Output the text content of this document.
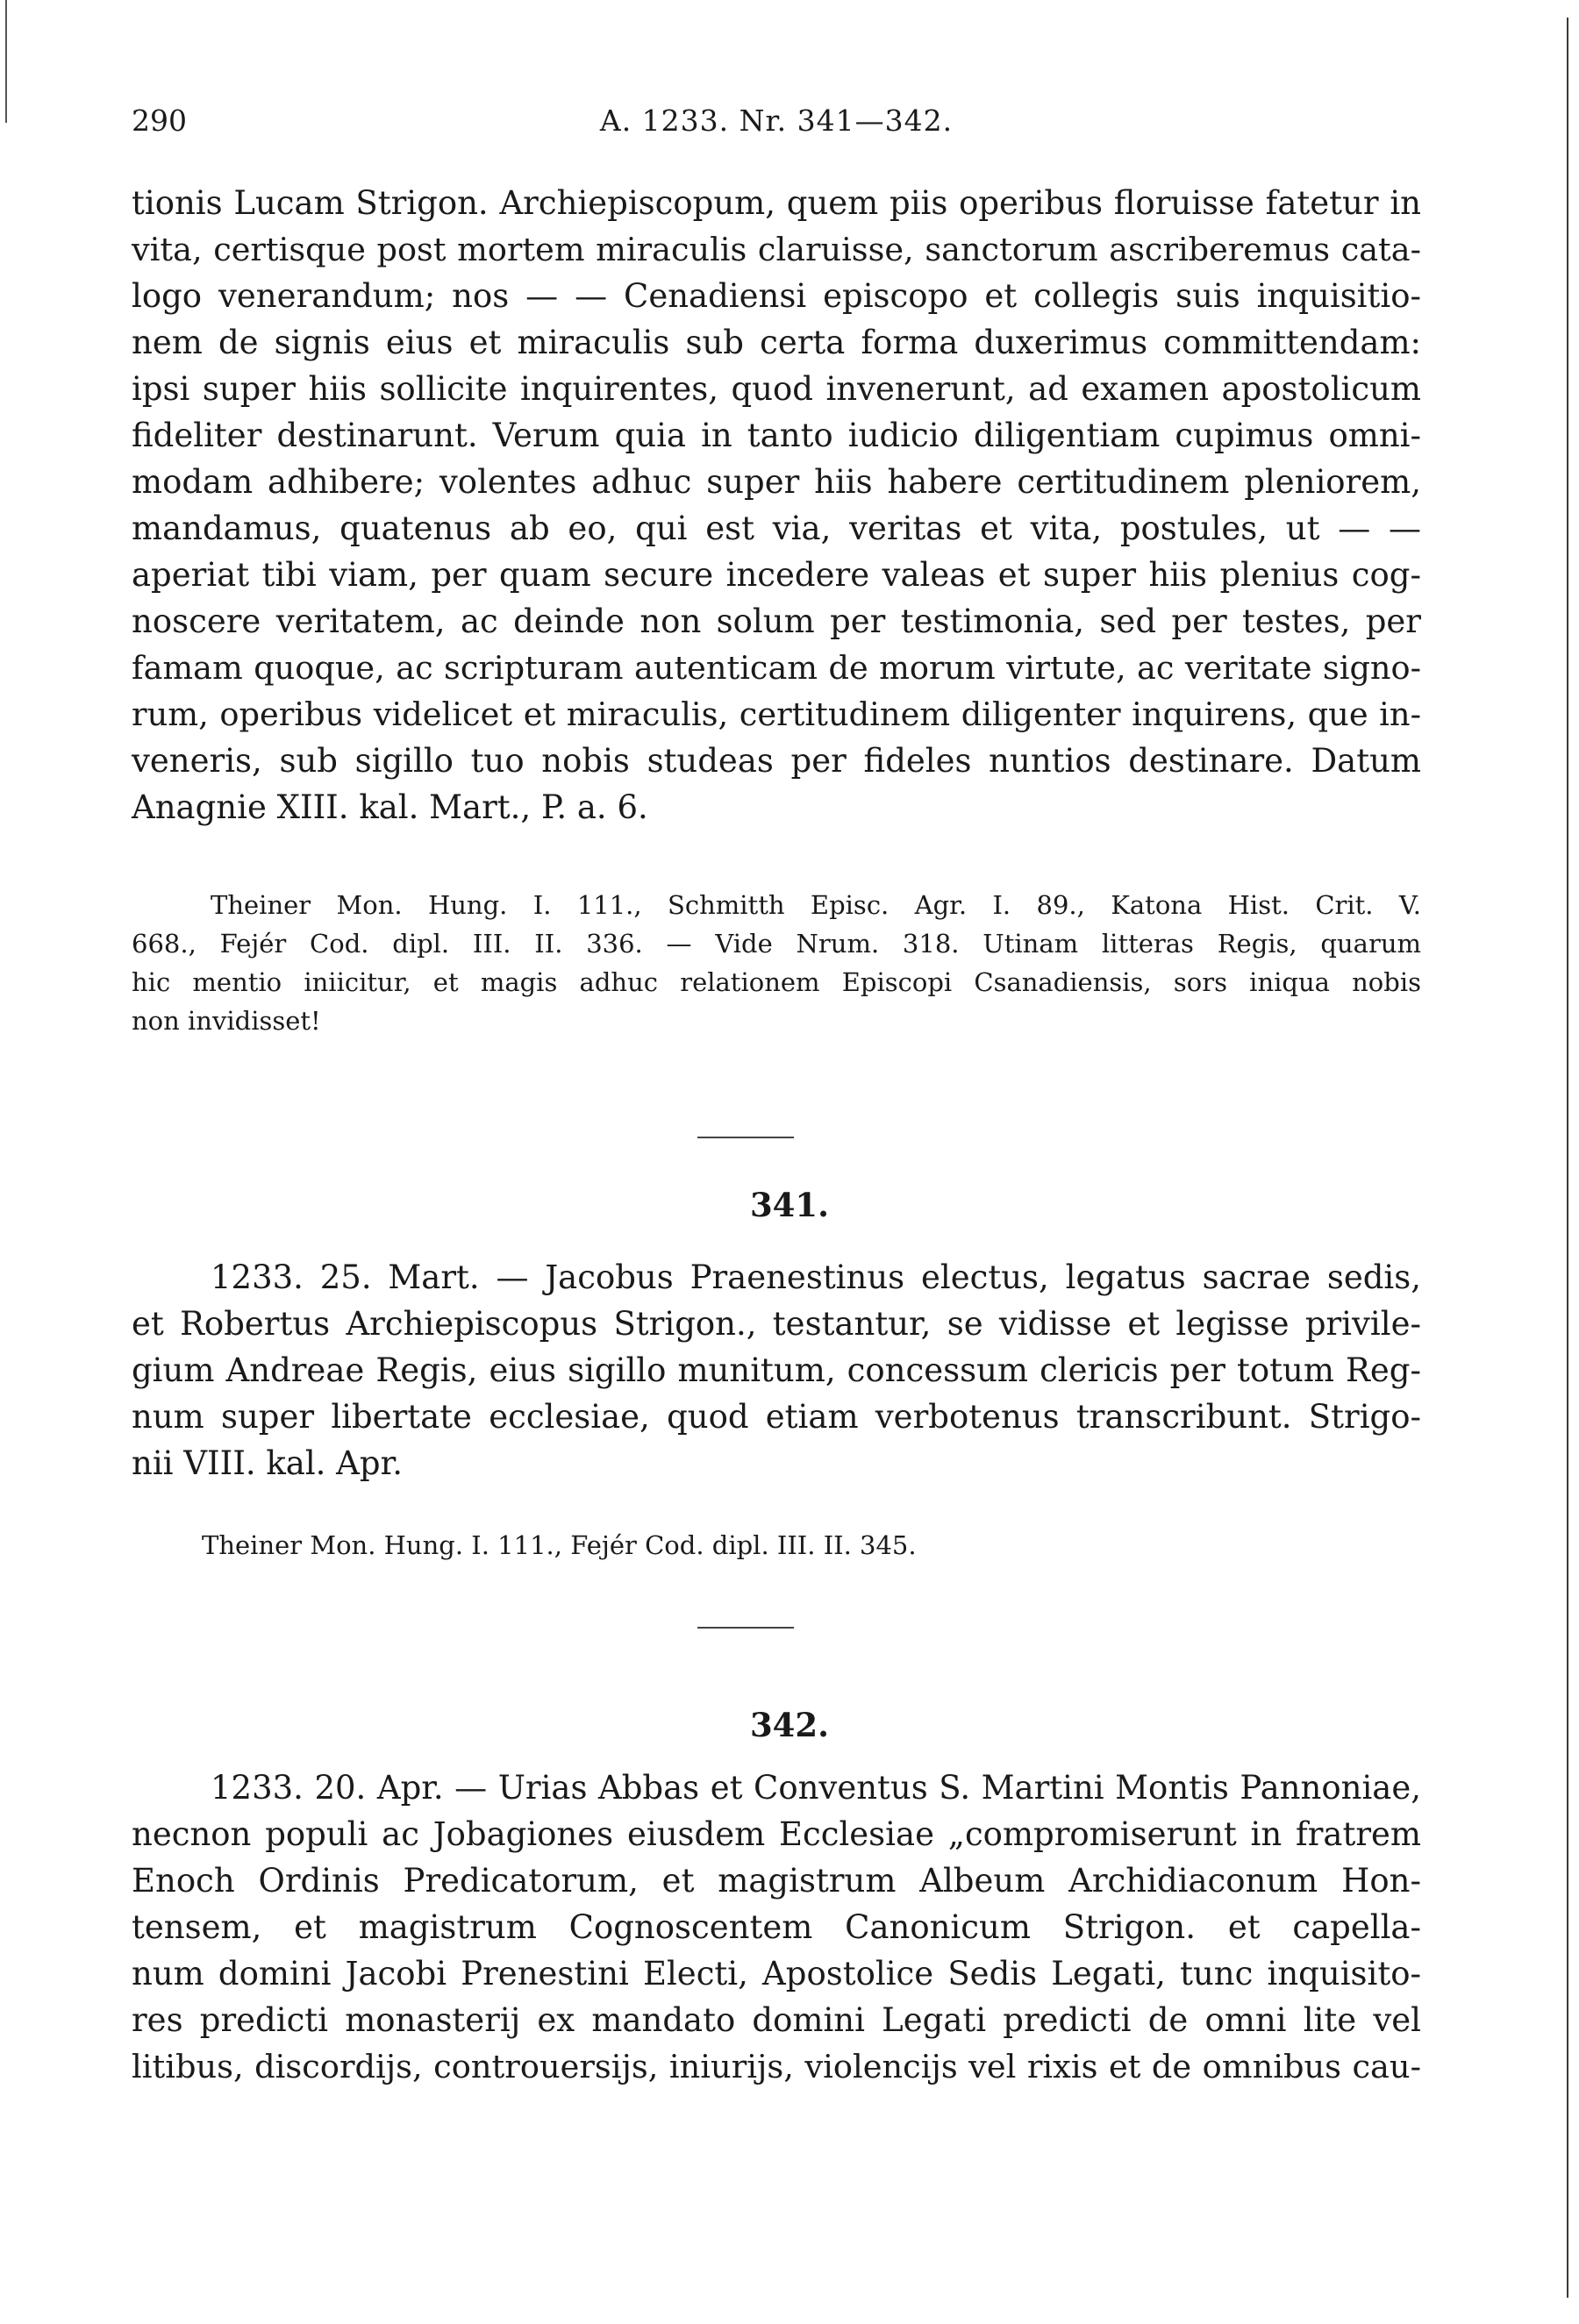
290	A. 1233. Nr. 341—342.
tionis Lucam Strigon. Archiepiscopum, quem piis operibus floruisse fatetur in
vita, certisque post mortem miraculis claruisse, sanctorum ascriberemus cata-
logo venerandum; nos — — Cenadiensi episcopo et collegis suis inquisitio-
nem de signis eius et miraculis sub certa forma duxerimus committendam:
ipsi super hiis sollicite inquirentes, quod invenerunt, ad examen apostolicum
fideliter destinarunt. Verum quia in tanto iudicio diligentiam cupimus omni-
modam adhibere; volentes adhuc super hiis habere certitudinem pleniorem,
mandamus, quatenus ab eo, qui est via, veritas et vita, postules, ut — —
aperiat tibi viam, per quam secure incedere valeas et super hiis plenius cog-
noscere veritatem, ac deinde non solum per testimonia, sed per testes, per
famam quoque, ac scripturam autenticam de morum virtute, ac veritate signo-
rum, operibus videlicet et miraculis, certitudinem diligenter inquirens, que in-
veneris, sub sigillo tuo nobis studeas per fideles nuntios destinare. Datum
Anagnie XIII. kal. Mart., P. a. 6.
Theiner Mon. Hung. I. 111., Schmitth Episc. Agr. I. 89., Katona Hist. Crit. V.
668., Fejér Cod. dipl. III. II. 336. — Vide Nrum. 318. Utinam litteras Regis, quarum
hic mentio iniicitur, et magis adhuc relationem Episcopi Csanadiensis, sors iniqua nobis
non invidisset!
341.
1233. 25. Mart. — Jacobus Praenestinus electus, legatus sacrae sedis,
et Robertus Archiepiscopus Strigon., testantur, se vidisse et legisse privile-
gium Andreae Regis, eius sigillo munitum, concessum clericis per totum Reg-
num super libertate ecclesiae, quod etiam verbotenus transcribunt. Strigo-
nii VIII. kal. Apr.
Theiner Mon. Hung. I. 111., Fejér Cod. dipl. III. II. 345.
342.
1233. 20. Apr. — Urias Abbas et Conventus S. Martini Montis Pannoniae,
necnon populi ac Jobagiones eiusdem Ecclesiae „compromiserunt in fratrem
Enoch Ordinis Predicatorum, et magistrum Albeum Archidiaconum Hon-
tensem, et magistrum Cognoscentem Canonicum Strigon. et capella-
num domini Jacobi Prenestini Electi, Apostolice Sedis Legati, tunc inquisito-
res predicti monasterij ex mandato domini Legati predicti de omni lite vel
litibus, discordijs, controuersijs, iniurijs, violencijs vel rixis et de omnibus cau-
